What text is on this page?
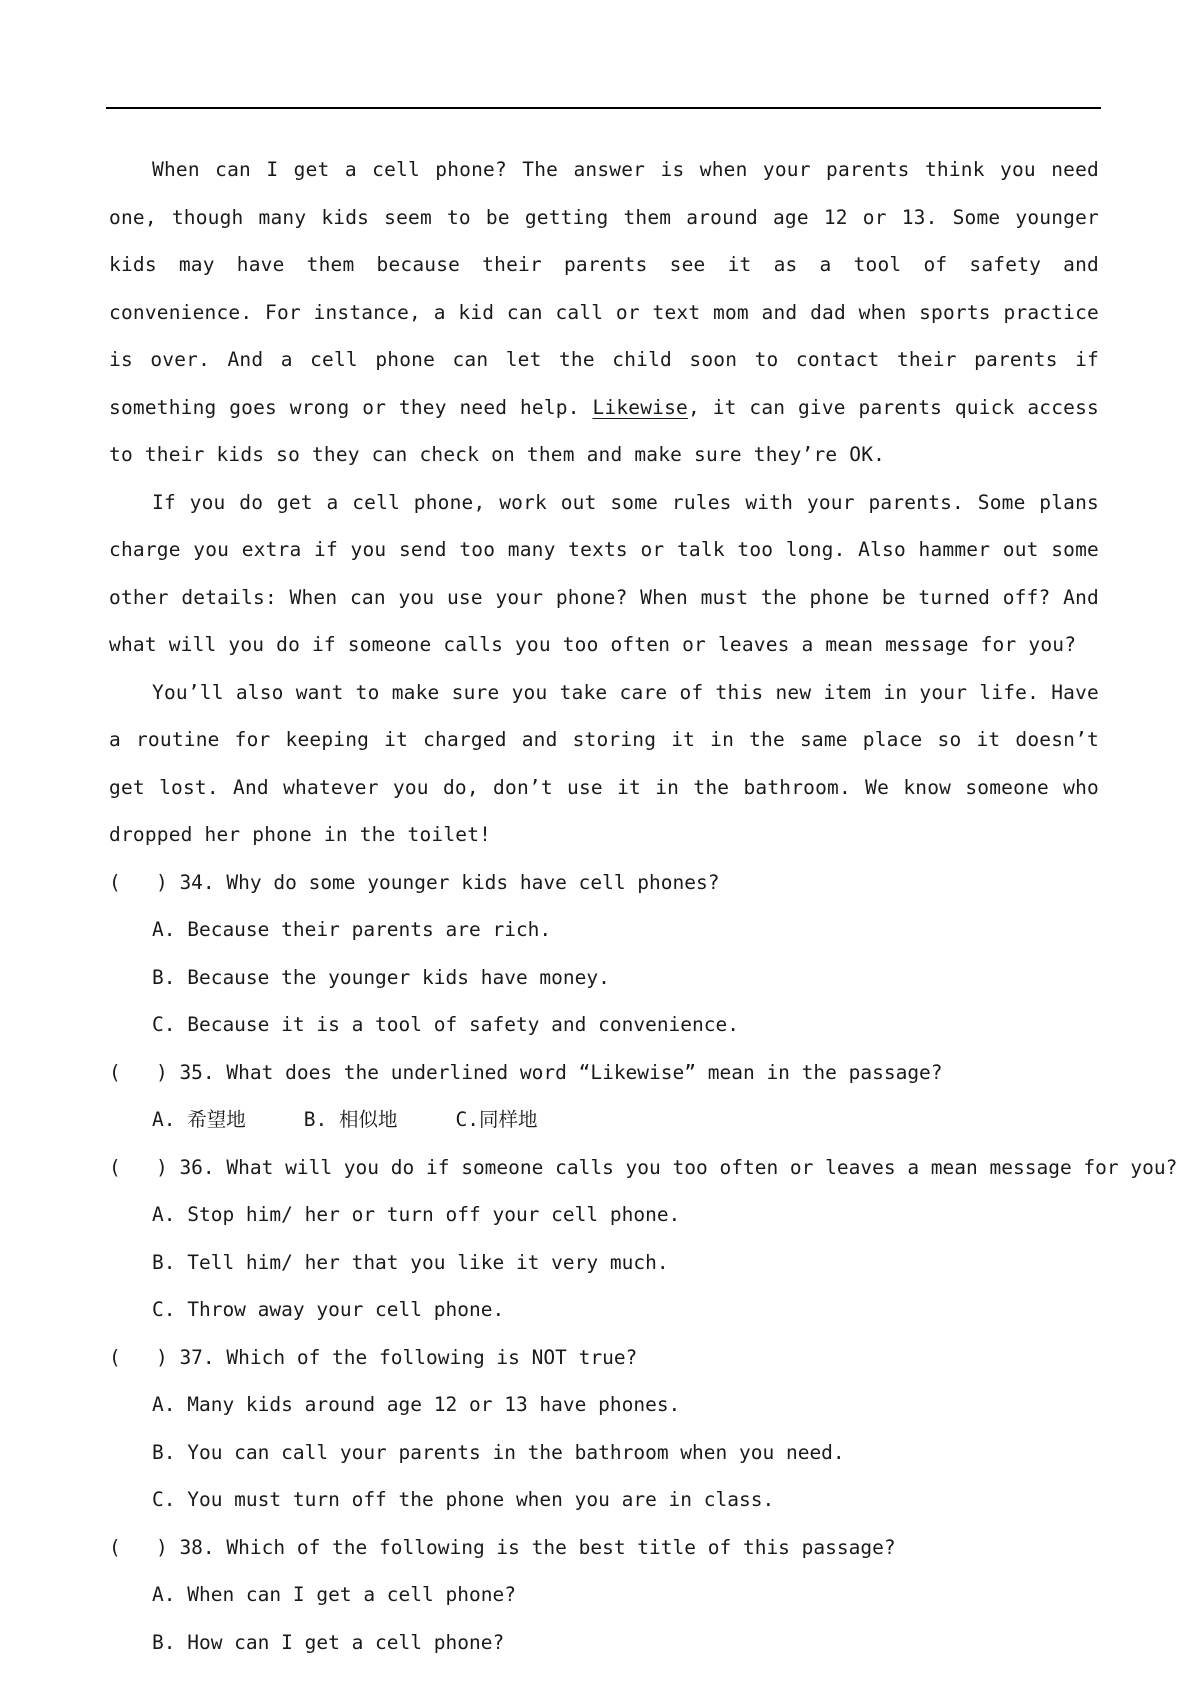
When can I get a cell phone? The answer is when your parents think you need one, though many kids seem to be getting them around age 12 or 13. Some younger kids may have them because their parents see it as a tool of safety and convenience. For instance, a kid can call or text mom and dad when sports practice is over. And a cell phone can let the child soon to contact their parents if something goes wrong or they need help. Likewise, it can give parents quick access to their kids so they can check on them and make sure they’re OK.

If you do get a cell phone, work out some rules with your parents. Some plans charge you extra if you send too many texts or talk too long. Also hammer out some other details: When can you use your phone? When must the phone be turned off? And what will you do if someone calls you too often or leaves a mean message for you?

You’ll also want to make sure you take care of this new item in your life. Have a routine for keeping it charged and storing it in the same place so it doesn’t get lost. And whatever you do, don’t use it in the bathroom. We know someone who dropped her phone in the toilet!

(   ) 34. Why do some younger kids have cell phones?

A. Because their parents are rich.

B. Because the younger kids have money.

C. Because it is a tool of safety and convenience.

(   ) 35. What does the underlined word “Likewise” mean in the passage?

A. 希望地	B. 相似地	C.同样地

(   ) 36. What will you do if someone calls you too often or leaves a mean message for you?

A. Stop him/ her or turn off your cell phone.

B. Tell him/ her that you like it very much.

C. Throw away your cell phone.

(   ) 37. Which of the following is NOT true?

A. Many kids around age 12 or 13 have phones.

B. You can call your parents in the bathroom when you need.

C. You must turn off the phone when you are in class.

(   ) 38. Which of the following is the best title of this passage?

A. When can I get a cell phone?

B. How can I get a cell phone?
